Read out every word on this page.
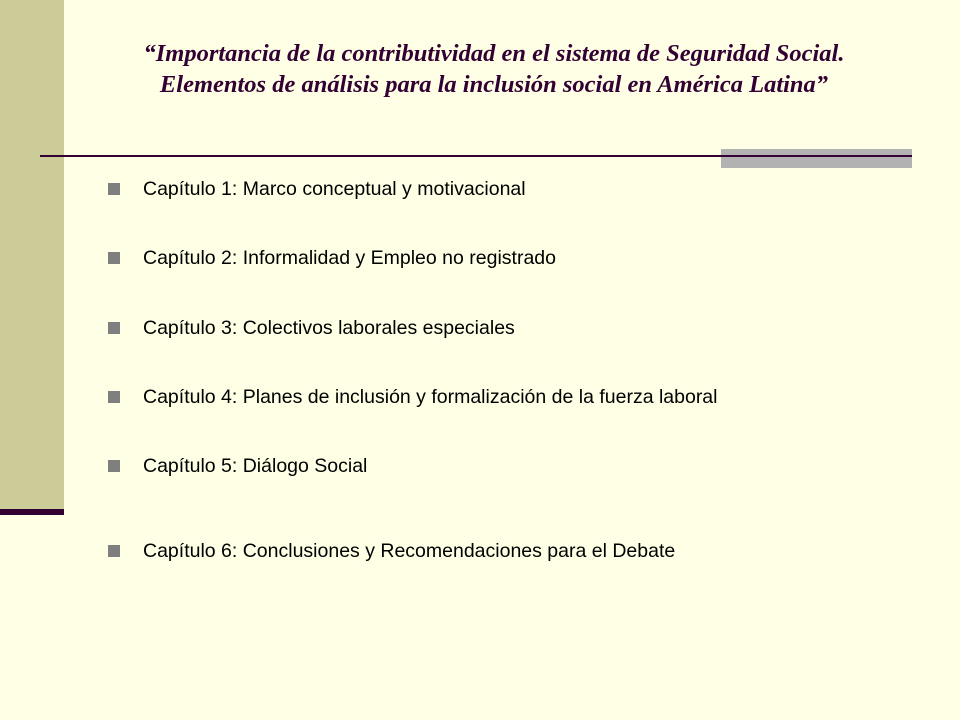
“Importancia de la contributividad en el sistema de Seguridad Social.
Elementos de análisis para la inclusión social en América Latina”
Capítulo 1: Marco conceptual y motivacional
Capítulo 2: Informalidad y Empleo no registrado
Capítulo 3: Colectivos laborales especiales
Capítulo 4: Planes de inclusión y formalización de la fuerza laboral
Capítulo 5: Diálogo Social
Capítulo 6: Conclusiones y Recomendaciones para el Debate
